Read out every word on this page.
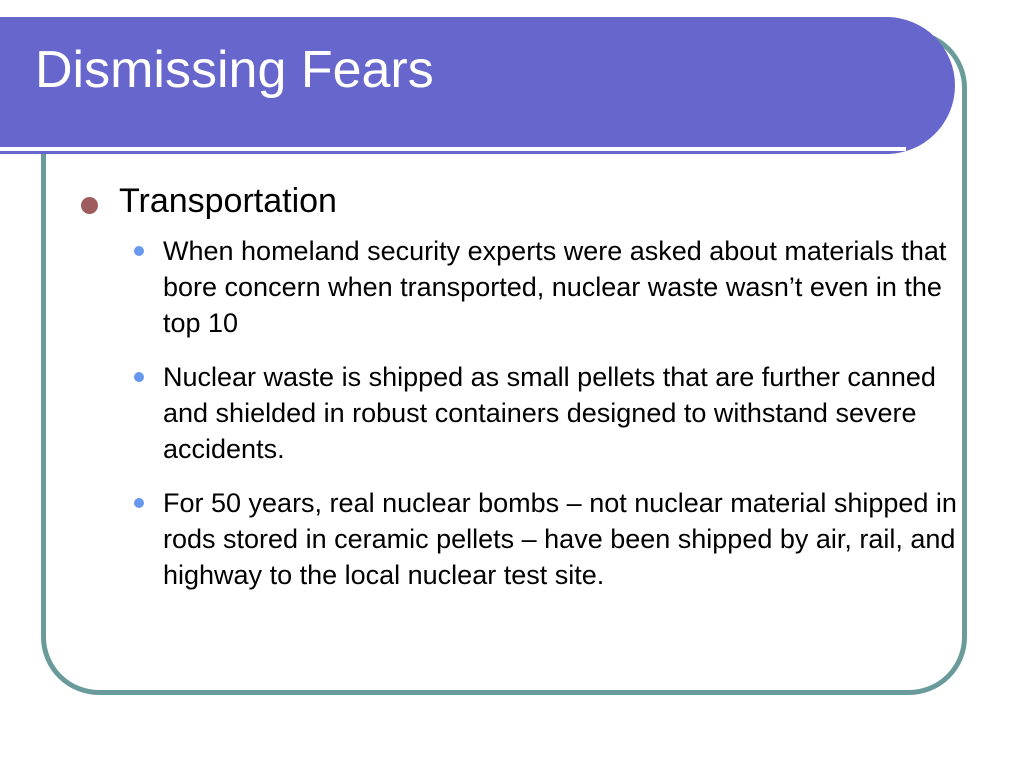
Dismissing Fears
Transportation
When homeland security experts were asked about materials that bore concern when transported, nuclear waste wasn’t even in the top 10
Nuclear waste is shipped as small pellets that are further canned and shielded in robust containers designed to withstand severe accidents.
For 50 years, real nuclear bombs – not nuclear material shipped in rods stored in ceramic pellets – have been shipped by air, rail, and highway to the local nuclear test site.
